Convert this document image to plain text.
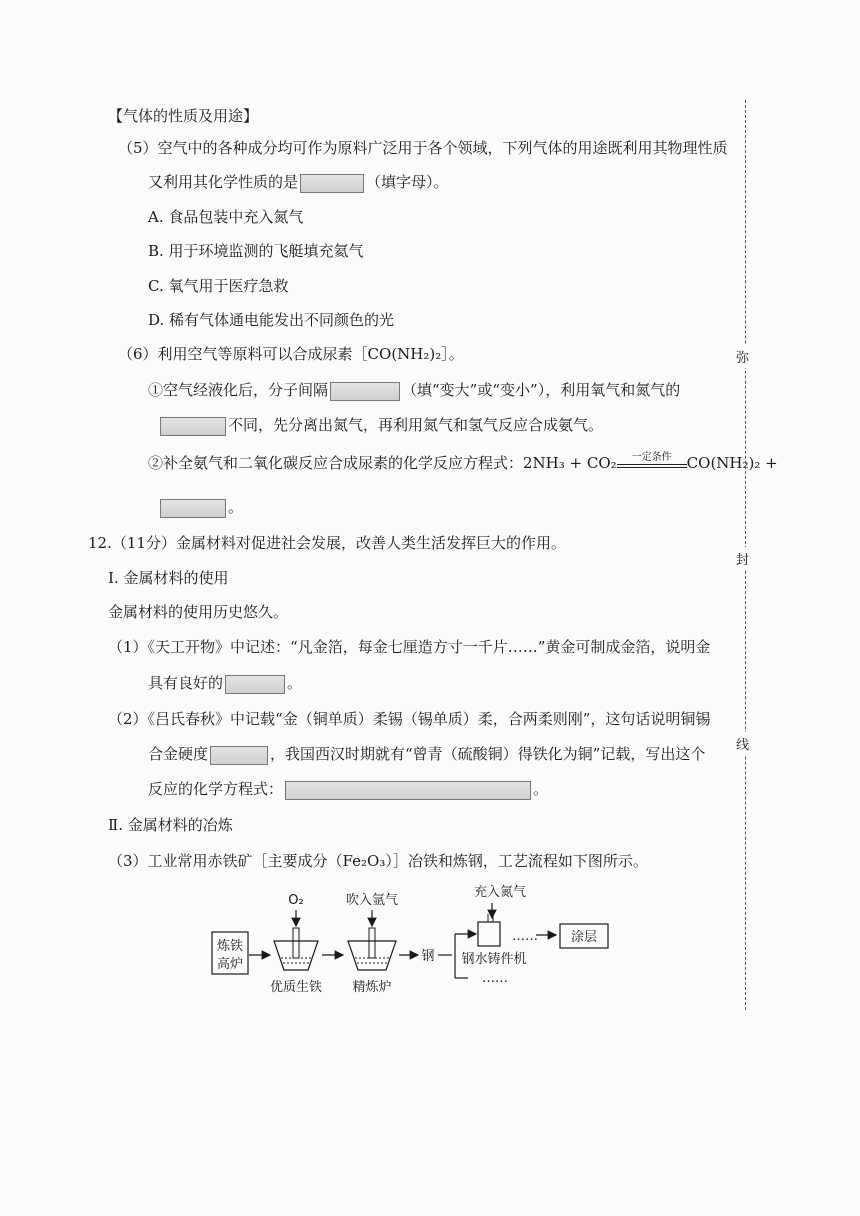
【气体的性质及用途】
（5）空气中的各种成分均可作为原料广泛用于各个领域，下列气体的用途既利用其物理性质
又利用其化学性质的是	（填字母）。
A. 食品包装中充入氮气
B. 用于环境监测的飞艇填充氦气
C. 氧气用于医疗急救
D. 稀有气体通电能发出不同颜色的光
（6）利用空气等原料可以合成尿素［CO(NH₂)₂］。
①空气经液化后，分子间隔	（填“变大”或“变小”），利用氧气和氮气的
不同，先分离出氮气，再利用氮气和氢气反应合成氨气。
②补全氨气和二氧化碳反应合成尿素的化学反应方程式：2NH₃ + CO₂	一定条件	CO(NH₂)₂ +
。
12.（11分）金属材料对促进社会发展，改善人类生活发挥巨大的作用。
Ⅰ. 金属材料的使用
金属材料的使用历史悠久。
（1）《天工开物》中记述：“凡金箔，每金七厘造方寸一千片……”黄金可制成金箔，说明金
具有良好的	。
（2）《吕氏春秋》中记载“金（铜单质）柔锡（锡单质）柔，合两柔则刚”，这句话说明铜锡
合金硬度	，我国西汉时期就有“曾青（硫酸铜）得铁化为铜”记载，写出这个
反应的化学方程式：	。
Ⅱ. 金属材料的冶炼
（3）工业常用赤铁矿［主要成分（Fe₂O₃）］冶铁和炼钢，工艺流程如下图所示。
炼铁
高炉
O₂
优质生铁
吹入氩气
精炼炉
钢
充入氮气
钢水铸件机
……
……
涂层
弥
封
线
